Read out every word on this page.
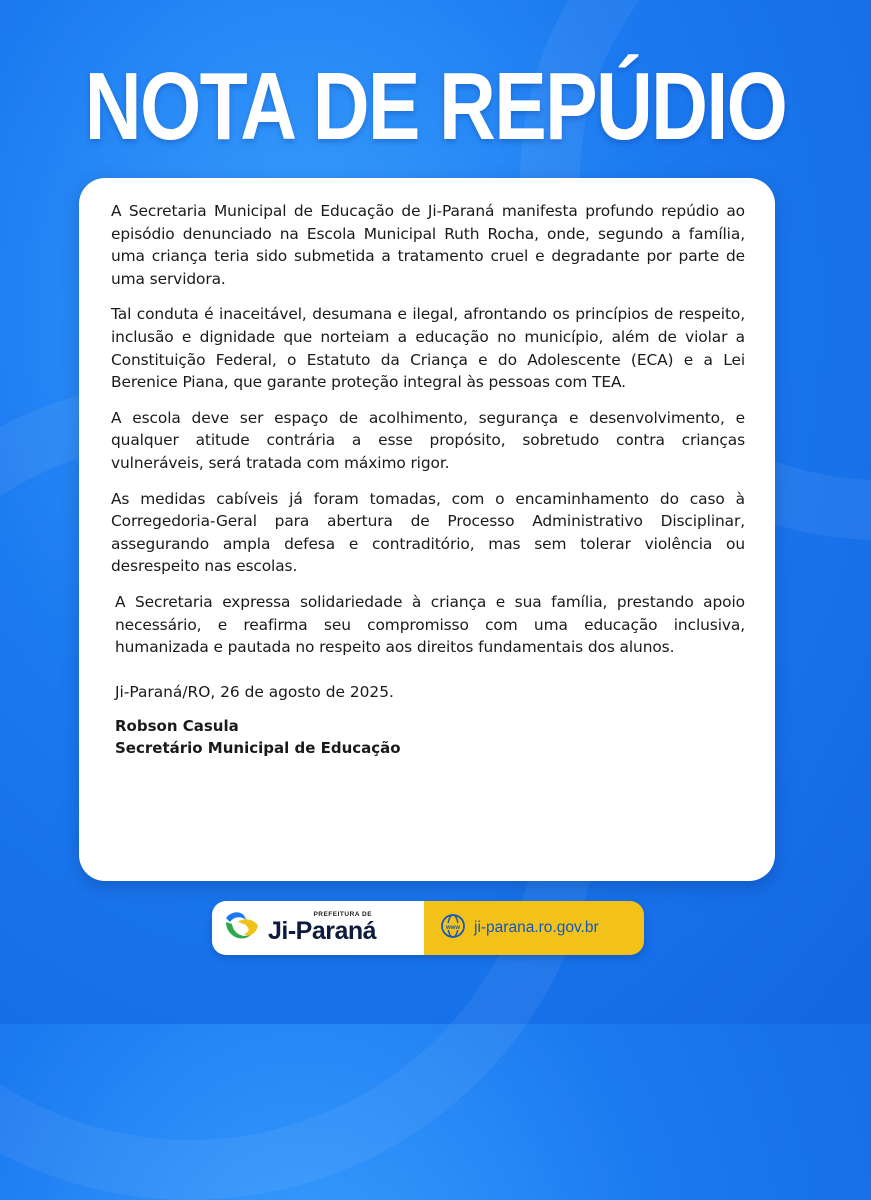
NOTA DE REPÚDIO

A Secretaria Municipal de Educação de Ji-Paraná manifesta profundo repúdio ao episódio denunciado na Escola Municipal Ruth Rocha, onde, segundo a família, uma criança teria sido submetida a tratamento cruel e degradante por parte de uma servidora.

Tal conduta é inaceitável, desumana e ilegal, afrontando os princípios de respeito, inclusão e dignidade que norteiam a educação no município, além de violar a Constituição Federal, o Estatuto da Criança e do Adolescente (ECA) e a Lei Berenice Piana, que garante proteção integral às pessoas com TEA.

A escola deve ser espaço de acolhimento, segurança e desenvolvimento, e qualquer atitude contrária a esse propósito, sobretudo contra crianças vulneráveis, será tratada com máximo rigor.

As medidas cabíveis já foram tomadas, com o encaminhamento do caso à Corregedoria-Geral para abertura de Processo Administrativo Disciplinar, assegurando ampla defesa e contraditório, mas sem tolerar violência ou desrespeito nas escolas.

A Secretaria expressa solidariedade à criança e sua família, prestando apoio necessário, e reafirma seu compromisso com uma educação inclusiva, humanizada e pautada no respeito aos direitos fundamentais dos alunos.

Ji-Paraná/RO, 26 de agosto de 2025.
Robson Casula
Secretário Municipal de Educação
PREFEITURA DE
Ji-Paraná	www ji-parana.ro.gov.br
